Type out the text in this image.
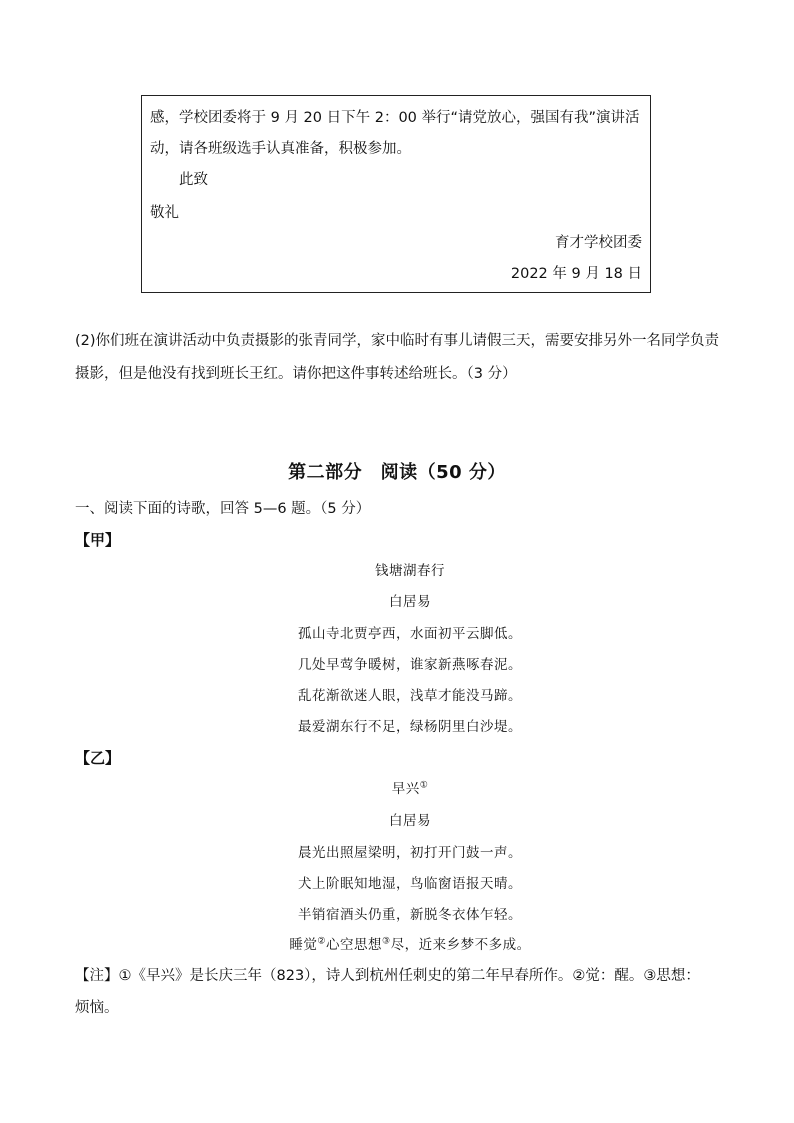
感，学校团委将于 9 月 20 日下午 2：00 举行“请党放心，强国有我”演讲活
动，请各班级选手认真准备，积极参加。
此致
敬礼
育才学校团委
2022 年 9 月 18 日
(2)你们班在演讲活动中负责摄影的张青同学，家中临时有事儿请假三天，需要安排另外一名同学负责
摄影，但是他没有找到班长王红。请你把这件事转述给班长。（3 分）
第二部分　阅读（50 分）
一、阅读下面的诗歌，回答 5—6 题。（5 分）
【甲】
钱塘湖春行
白居易
孤山寺北贾亭西，水面初平云脚低。
几处早莺争暖树，谁家新燕啄春泥。
乱花渐欲迷人眼，浅草才能没马蹄。
最爱湖东行不足，绿杨阴里白沙堤。
【乙】
早兴①
白居易
晨光出照屋梁明，初打开门鼓一声。
犬上阶眠知地湿，鸟临窗语报天晴。
半销宿酒头仍重，新脱冬衣体乍轻。
睡觉②心空思想③尽，近来乡梦不多成。
【注】①《早兴》是长庆三年（823），诗人到杭州任刺史的第二年早春所作。②觉：醒。③思想：
烦恼。
